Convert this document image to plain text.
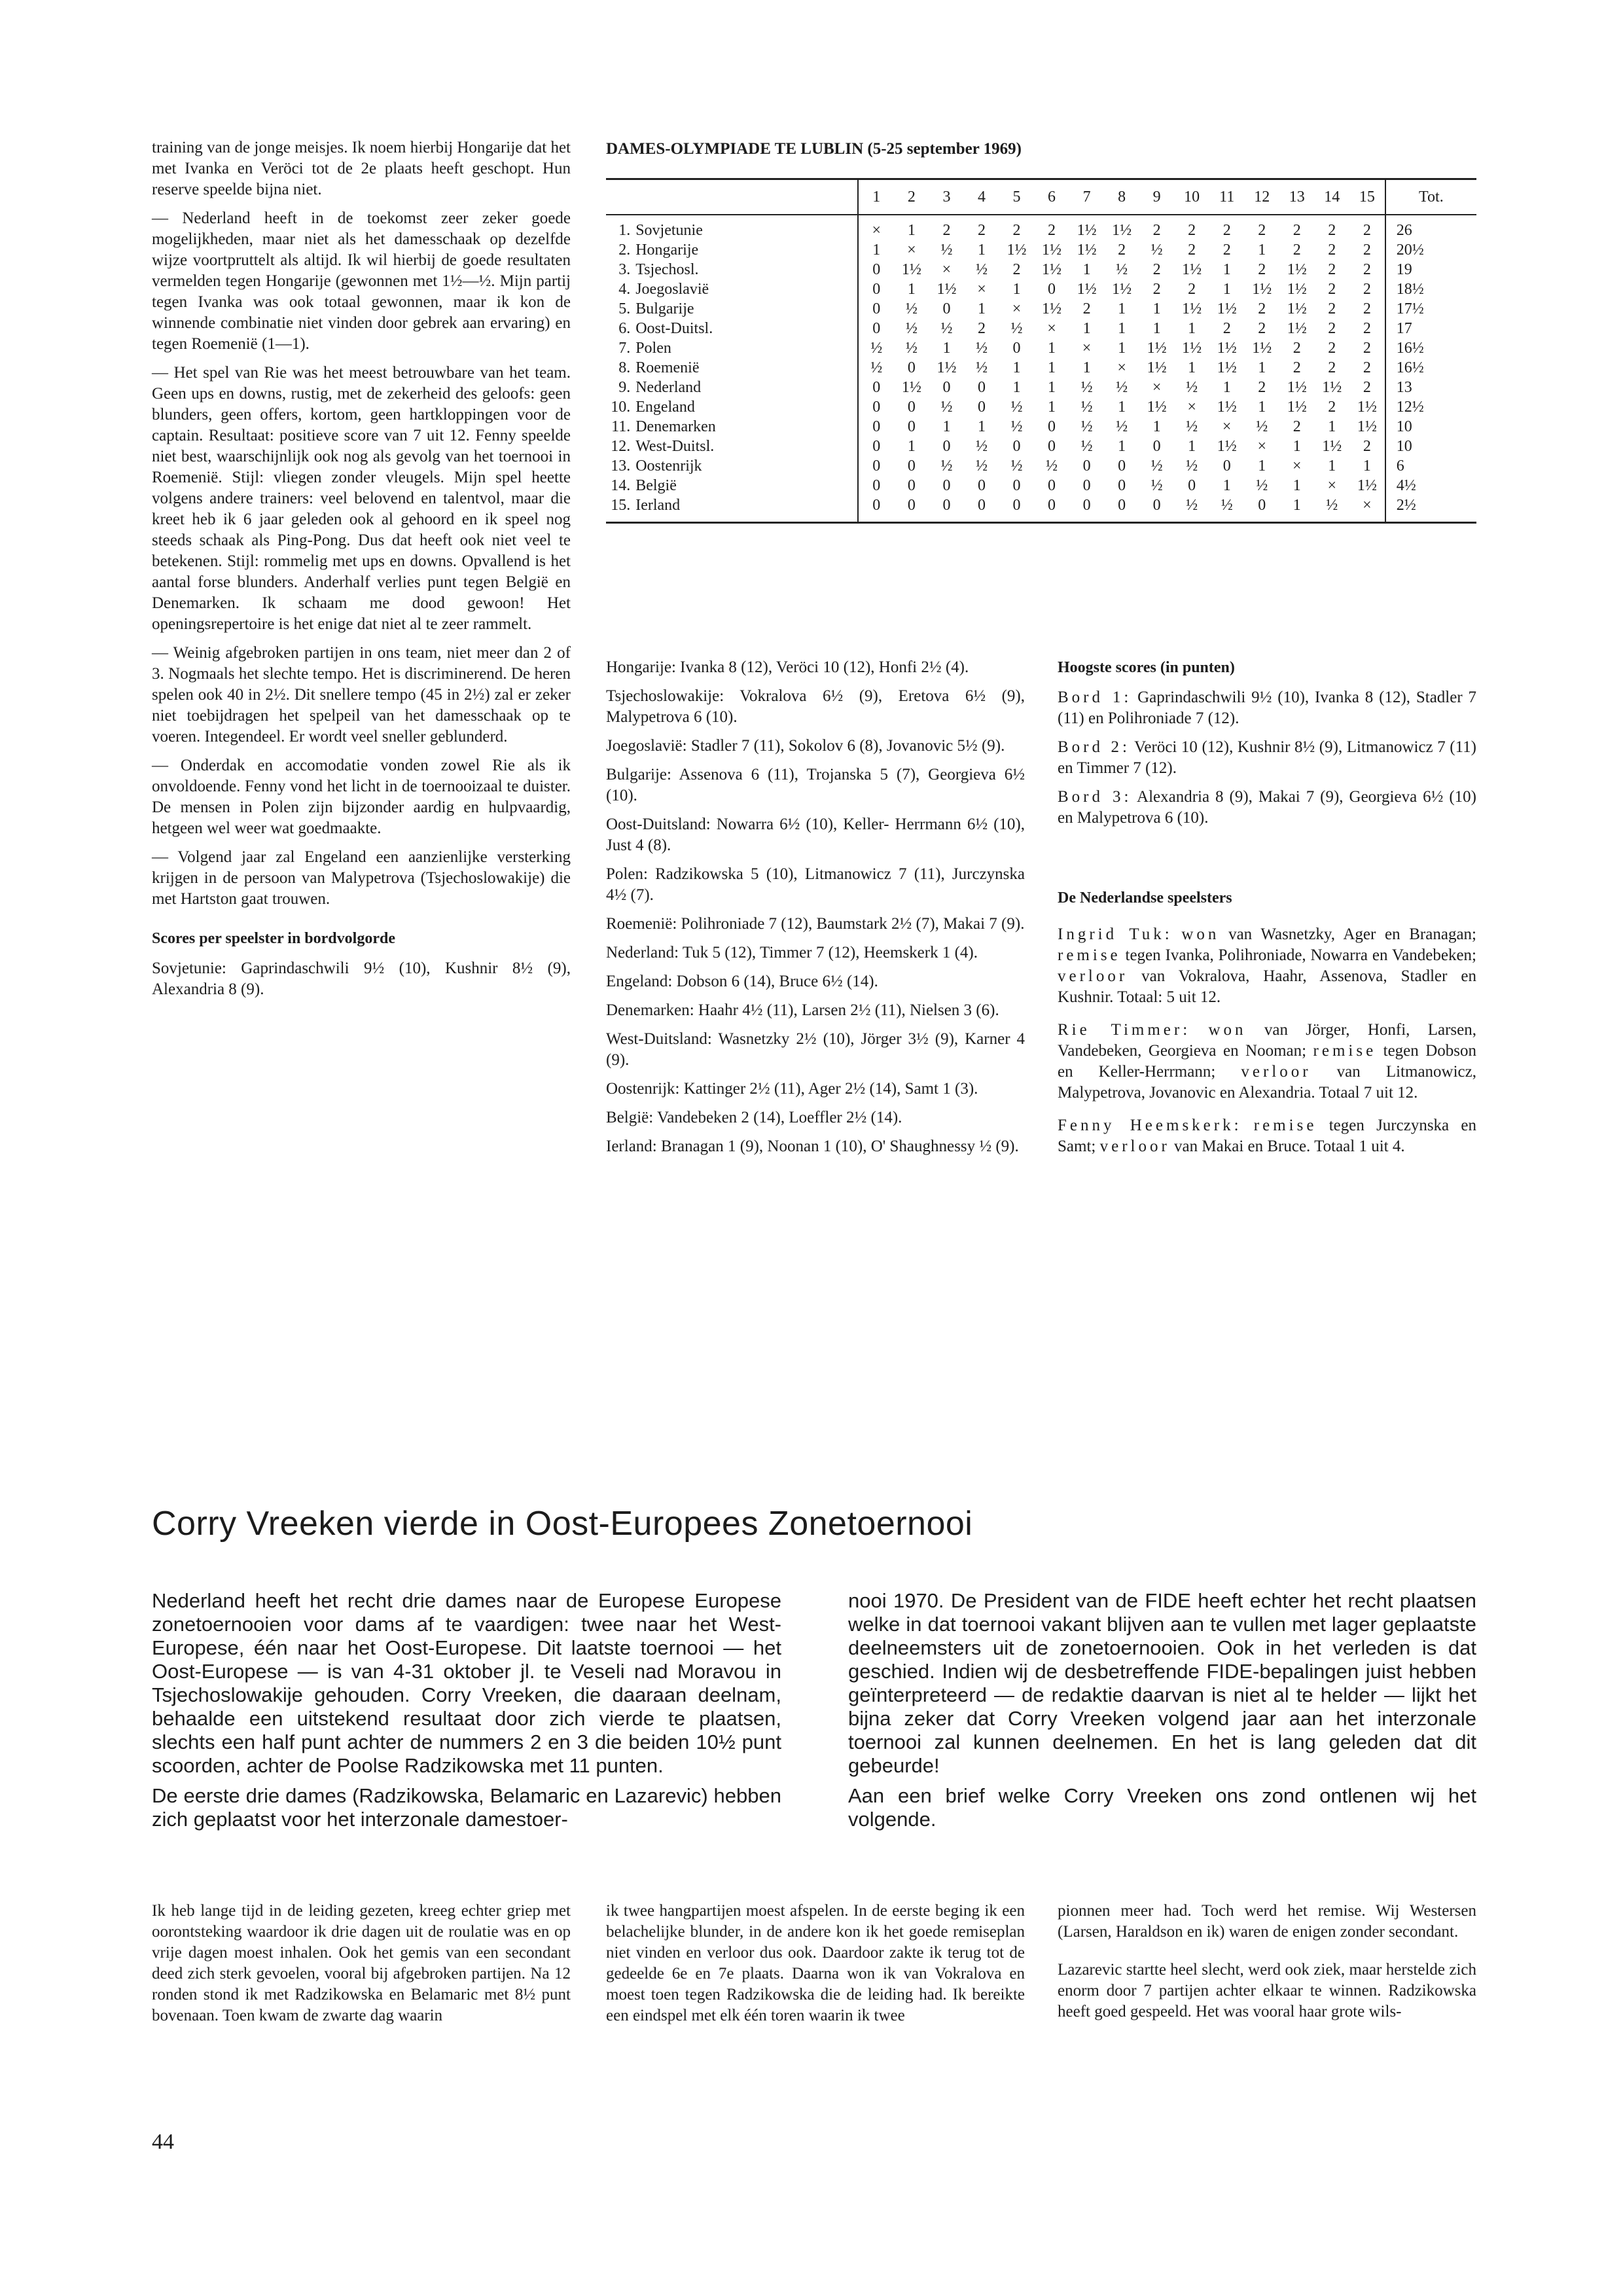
training van de jonge meisjes. Ik noem hierbij Hongarije dat het met Ivanka en Veröci tot de 2e plaats heeft geschopt. Hun reserve speelde bijna niet.

— Nederland heeft in de toekomst zeer zeker goede mogelijkheden, maar niet als het damesschaak op dezelfde wijze voortpruttelt als altijd. Ik wil hierbij de goede resultaten vermelden tegen Hongarije (gewonnen met 1½—½. Mijn partij tegen Ivanka was ook totaal gewonnen, maar ik kon de winnende combinatie niet vinden door gebrek aan ervaring) en tegen Roemenië (1—1).

— Het spel van Rie was het meest betrouwbare van het team. Geen ups en downs, rustig, met de zekerheid des geloofs: geen blunders, geen offers, kortom, geen hartkloppingen voor de captain. Resultaat: positieve score van 7 uit 12. Fenny speelde niet best, waarschijnlijk ook nog als gevolg van het toernooi in Roemenië. Stijl: vliegen zonder vleugels. Mijn spel heette volgens andere trainers: veel belovend en talentvol, maar die kreet heb ik 6 jaar geleden ook al gehoord en ik speel nog steeds schaak als Ping-Pong. Dus dat heeft ook niet veel te betekenen. Stijl: rommelig met ups en downs. Opvallend is het aantal forse blunders. Anderhalf verlies punt tegen België en Denemarken. Ik schaam me dood gewoon! Het openingsrepertoire is het enige dat niet al te zeer rammelt.

— Weinig afgebroken partijen in ons team, niet meer dan 2 of 3. Nogmaals het slechte tempo. Het is discriminerend. De heren spelen ook 40 in 2½. Dit snellere tempo (45 in 2½) zal er zeker niet toebijdragen het spelpeil van het damesschaak op te voeren. Integendeel. Er wordt veel sneller geblunderd.

— Onderdak en accomodatie vonden zowel Rie als ik onvoldoende. Fenny vond het licht in de toernooizaal te duister. De mensen in Polen zijn bijzonder aardig en hulpvaardig, hetgeen wel weer wat goedmaakte.

— Volgend jaar zal Engeland een aanzienlijke versterking krijgen in de persoon van Malypetrova (Tsjechoslowakije) die met Hartston gaat trouwen.

Scores per speelster in bordvolgorde

Sovjetunie: Gaprindaschwili 9½ (10), Kushnir 8½ (9), Alexandria 8 (9).

DAMES-OLYMPIADE TE LUBLIN (5-25 september 1969)
		1	2	3	4	5	6	7	8	9	10	11	12	13	14	15	Tot.
1.	Sovjetunie	×	1	2	2	2	2	1½	1½	2	2	2	2	2	2	2	26
2.	Hongarije	1	×	½	1	1½	1½	1½	2	½	2	2	1	2	2	2	20½
3.	Tsjechosl.	0	1½	×	½	2	1½	1	½	2	1½	1	2	1½	2	2	19
4.	Joegoslavië	0	1	1½	×	1	0	1½	1½	2	2	1	1½	1½	2	2	18½
5.	Bulgarije	0	½	0	1	×	1½	2	1	1	1½	1½	2	1½	2	2	17½
6.	Oost-Duitsl.	0	½	½	2	½	×	1	1	1	1	2	2	1½	2	2	17
7.	Polen	½	½	1	½	0	1	×	1	1½	1½	1½	1½	2	2	2	16½
8.	Roemenië	½	0	1½	½	1	1	1	×	1½	1	1½	1	2	2	2	16½
9.	Nederland	0	1½	0	0	1	1	½	½	×	½	1	2	1½	1½	2	13
10.	Engeland	0	0	½	0	½	1	½	1	1½	×	1½	1	1½	2	1½	12½
11.	Denemarken	0	0	1	1	½	0	½	½	1	½	×	½	2	1	1½	10
12.	West-Duitsl.	0	1	0	½	0	0	½	1	0	1	1½	×	1	1½	2	10
13.	Oostenrijk	0	0	½	½	½	½	0	0	½	½	0	1	×	1	1	6
14.	België	0	0	0	0	0	0	0	0	½	0	1	½	1	×	1½	4½
15.	Ierland	0	0	0	0	0	0	0	0	0	½	½	0	1	½	×	2½

Hongarije: Ivanka 8 (12), Veröci 10 (12), Honfi 2½ (4).

Tsjechoslowakije: Vokralova 6½ (9), Eretova 6½ (9), Malypetrova 6 (10).

Joegoslavië: Stadler 7 (11), Sokolov 6 (8), Jovanovic 5½ (9).

Bulgarije: Assenova 6 (11), Trojanska 5 (7), Georgieva 6½ (10).

Oost-Duitsland: Nowarra 6½ (10), Keller- Herrmann 6½ (10), Just 4 (8).

Polen: Radzikowska 5 (10), Litmanowicz 7 (11), Jurczynska 4½ (7).

Roemenië: Polihroniade 7 (12), Baumstark 2½ (7), Makai 7 (9).

Nederland: Tuk 5 (12), Timmer 7 (12), Heemskerk 1 (4).

Engeland: Dobson 6 (14), Bruce 6½ (14).

Denemarken: Haahr 4½ (11), Larsen 2½ (11), Nielsen 3 (6).

West-Duitsland: Wasnetzky 2½ (10), Jörger 3½ (9), Karner 4 (9).

Oostenrijk: Kattinger 2½ (11), Ager 2½ (14), Samt 1 (3).

België: Vandebeken 2 (14), Loeffler 2½ (14).

Ierland: Branagan 1 (9), Noonan 1 (10), O' Shaughnessy ½ (9).

Hoogste scores (in punten)

Bord 1: Gaprindaschwili 9½ (10), Ivanka 8 (12), Stadler 7 (11) en Polihroniade 7 (12).

Bord 2: Veröci 10 (12), Kushnir 8½ (9), Litmanowicz 7 (11) en Timmer 7 (12).

Bord 3: Alexandria 8 (9), Makai 7 (9), Georgieva 6½ (10) en Malypetrova 6 (10).

De Nederlandse speelsters

Ingrid Tuk: won van Wasnetzky, Ager en Branagan; remise tegen Ivanka, Polihroniade, Nowarra en Vandebeken; verloor van Vokralova, Haahr, Assenova, Stadler en Kushnir. Totaal: 5 uit 12.

Rie Timmer: won van Jörger, Honfi, Larsen, Vandebeken, Georgieva en Nooman; remise tegen Dobson en Keller-Herrmann; verloor van Litmanowicz, Malypetrova, Jovanovic en Alexandria. Totaal 7 uit 12.

Fenny Heemskerk: remise tegen Jurczynska en Samt; verloor van Makai en Bruce. Totaal 1 uit 4.

Corry Vreeken vierde in Oost-Europees Zonetoernooi

Nederland heeft het recht drie dames naar de Europese Europese zonetoernooien voor dams af te vaardigen: twee naar het West-Europese, één naar het Oost-Europese. Dit laatste toernooi — het Oost-Europese — is van 4-31 oktober jl. te Veseli nad Moravou in Tsjechoslowakije gehouden. Corry Vreeken, die daaraan deelnam, behaalde een uitstekend resultaat door zich vierde te plaatsen, slechts een half punt achter de nummers 2 en 3 die beiden 10½ punt scoorden, achter de Poolse Radzikowska met 11 punten.

De eerste drie dames (Radzikowska, Belamaric en Lazarevic) hebben zich geplaatst voor het interzonale damestoer-

nooi 1970. De President van de FIDE heeft echter het recht plaatsen welke in dat toernooi vakant blijven aan te vullen met lager geplaatste deelneemsters uit de zonetoernooien. Ook in het verleden is dat geschied. Indien wij de desbetreffende FIDE-bepalingen juist hebben geïnterpreteerd — de redaktie daarvan is niet al te helder — lijkt het bijna zeker dat Corry Vreeken volgend jaar aan het interzonale toernooi zal kunnen deelnemen. En het is lang geleden dat dit gebeurde!

Aan een brief welke Corry Vreeken ons zond ontlenen wij het volgende.

Ik heb lange tijd in de leiding gezeten, kreeg echter griep met oorontsteking waardoor ik drie dagen uit de roulatie was en op vrije dagen moest inhalen. Ook het gemis van een secondant deed zich sterk gevoelen, vooral bij afgebroken partijen. Na 12 ronden stond ik met Radzikowska en Belamaric met 8½ punt bovenaan. Toen kwam de zwarte dag waarin

ik twee hangpartijen moest afspelen. In de eerste beging ik een belachelijke blunder, in de andere kon ik het goede remiseplan niet vinden en verloor dus ook. Daardoor zakte ik terug tot de gedeelde 6e en 7e plaats. Daarna won ik van Vokralova en moest toen tegen Radzikowska die de leiding had. Ik bereikte een eindspel met elk één toren waarin ik twee

pionnen meer had. Toch werd het remise. Wij Westersen (Larsen, Haraldson en ik) waren de enigen zonder secondant.

Lazarevic startte heel slecht, werd ook ziek, maar herstelde zich enorm door 7 partijen achter elkaar te winnen. Radzikowska heeft goed gespeeld. Het was vooral haar grote wils-

44
